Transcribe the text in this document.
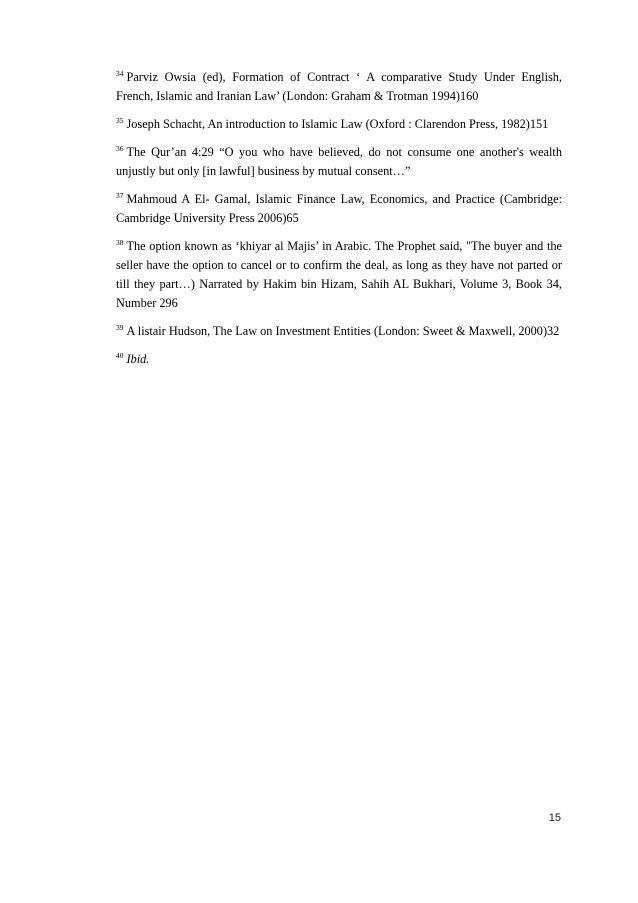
$^{34}$ Parviz Owsia (ed), Formation of Contract ‘ A comparative Study Under English, French, Islamic and Iranian Law’ (London: Graham & Trotman 1994)160

$^{35}$ Joseph Schacht, An introduction to Islamic Law (Oxford : Clarendon Press, 1982)151

$^{36}$ The Qur’an 4:29 “O you who have believed, do not consume one another's wealth unjustly but only [in lawful] business by mutual consent…”

$^{37}$ Mahmoud A El- Gamal, Islamic Finance Law, Economics, and Practice (Cambridge: Cambridge University Press 2006)65

$^{38}$ The option known as ‘khiyar al Majis’ in Arabic. The Prophet said, "The buyer and the seller have the option to cancel or to confirm the deal, as long as they have not parted or till they part…) Narrated by Hakim bin Hizam, Sahih AL Bukhari, Volume 3, Book 34, Number 296

$^{39}$ A listair Hudson, The Law on Investment Entities (London: Sweet & Maxwell, 2000)32

$^{40}$ Ibid.

15
